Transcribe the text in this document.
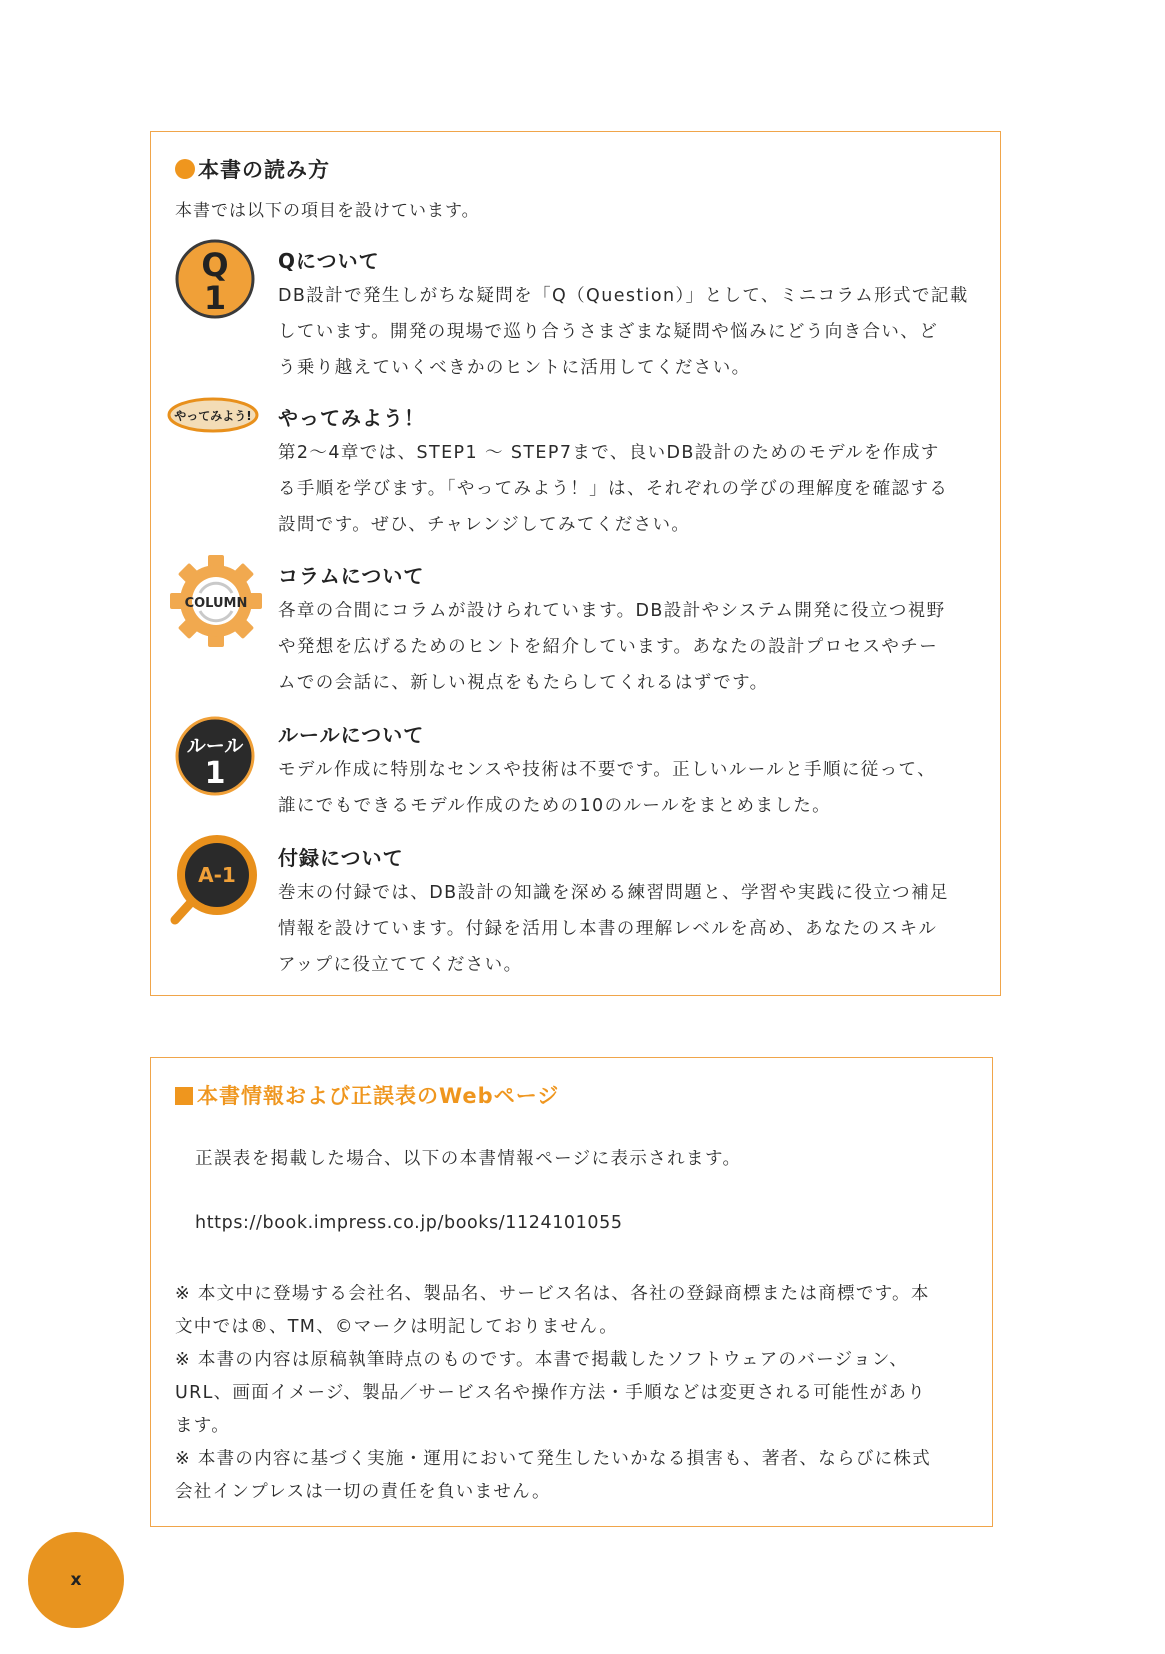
本書の読み方
本書では以下の項目を設けています。
Q
1
Qについて
DB設計で発生しがちな疑問を「Q（Question）」として、ミニコラム形式で記載
しています。開発の現場で巡り合うさまざまな疑問や悩みにどう向き合い、ど
う乗り越えていくべきかのヒントに活用してください。
やってみよう! やってみよう！
第2～4章では、STEP1 ～ STEP7まで、良いDB設計のためのモデルを作成す
る手順を学びます。「やってみよう！」は、それぞれの学びの理解度を確認する
設問です。ぜひ、チャレンジしてみてください。
COLUMN
コラムについて
各章の合間にコラムが設けられています。DB設計やシステム開発に役立つ視野
や発想を広げるためのヒントを紹介しています。あなたの設計プロセスやチー
ムでの会話に、新しい視点をもたらしてくれるはずです。
ルール
1
ルールについて
モデル作成に特別なセンスや技術は不要です。正しいルールと手順に従って、
誰にでもできるモデル作成のための10のルールをまとめました。
A-1
付録について
巻末の付録では、DB設計の知識を深める練習問題と、学習や実践に役立つ補足
情報を設けています。付録を活用し本書の理解レベルを高め、あなたのスキル
アップに役立ててください。
本書情報および正誤表のWebページ
正誤表を掲載した場合、以下の本書情報ページに表示されます。
https://book.impress.co.jp/books/1124101055
※ 本文中に登場する会社名、製品名、サービス名は、各社の登録商標または商標です。本
文中では®、TM、©マークは明記しておりません。
※ 本書の内容は原稿執筆時点のものです。本書で掲載したソフトウェアのバージョン、
URL、画面イメージ、製品／サービス名や操作方法・手順などは変更される可能性があり
ます。
※ 本書の内容に基づく実施・運用において発生したいかなる損害も、著者、ならびに株式
会社インプレスは一切の責任を負いません。
x
